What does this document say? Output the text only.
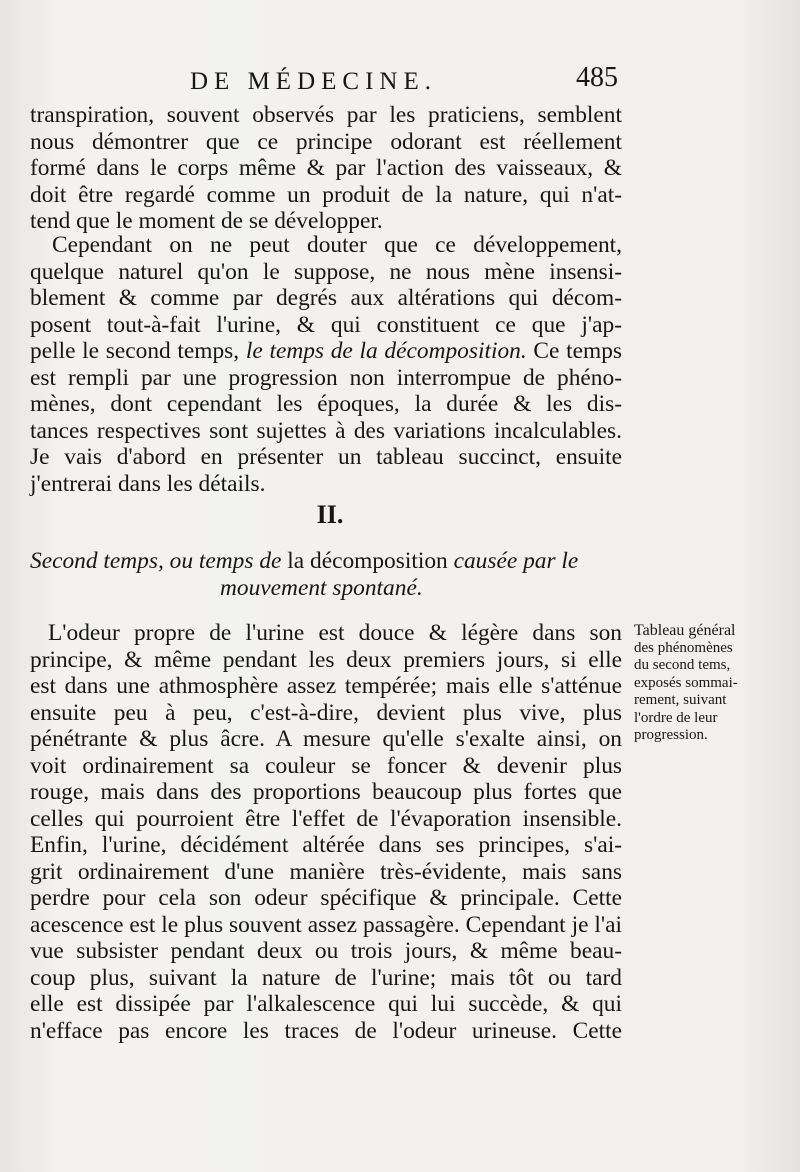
DE MÉDECINE.	485
transpiration, souvent observés par les praticiens, semblent
nous démontrer que ce principe odorant est réellement
formé dans le corps même & par l'action des vaisseaux, &
doit être regardé comme un produit de la nature, qui n'at-
tend que le moment de se développer.
Cependant on ne peut douter que ce développement,
quelque naturel qu'on le suppose, ne nous mène insensi-
blement & comme par degrés aux altérations qui décom-
posent tout-à-fait l'urine, & qui constituent ce que j'ap-
pelle le second temps, le temps de la décomposition. Ce temps
est rempli par une progression non interrompue de phéno-
mènes, dont cependant les époques, la durée & les dis-
tances respectives sont sujettes à des variations incalculables.
Je vais d'abord en présenter un tableau succinct, ensuite
j'entrerai dans les détails.
II.
Second temps, ou temps de la décomposition causée par le
mouvement spontané.
L'odeur propre de l'urine est douce & légère dans son
principe, & même pendant les deux premiers jours, si elle
est dans une athmosphère assez tempérée; mais elle s'atténue
ensuite peu à peu, c'est-à-dire, devient plus vive, plus
pénétrante & plus âcre. A mesure qu'elle s'exalte ainsi, on
voit ordinairement sa couleur se foncer & devenir plus
rouge, mais dans des proportions beaucoup plus fortes que
celles qui pourroient être l'effet de l'évaporation insensible.
Enfin, l'urine, décidément altérée dans ses principes, s'ai-
grit ordinairement d'une manière très-évidente, mais sans
perdre pour cela son odeur spécifique & principale. Cette
acescence est le plus souvent assez passagère. Cependant je l'ai
vue subsister pendant deux ou trois jours, & même beau-
coup plus, suivant la nature de l'urine; mais tôt ou tard
elle est dissipée par l'alkalescence qui lui succède, & qui
n'efface pas encore les traces de l'odeur urineuse. Cette
Tableau général
des phénomènes
du second tems,
exposés sommai-
rement, suivant
l'ordre de leur
progression.
